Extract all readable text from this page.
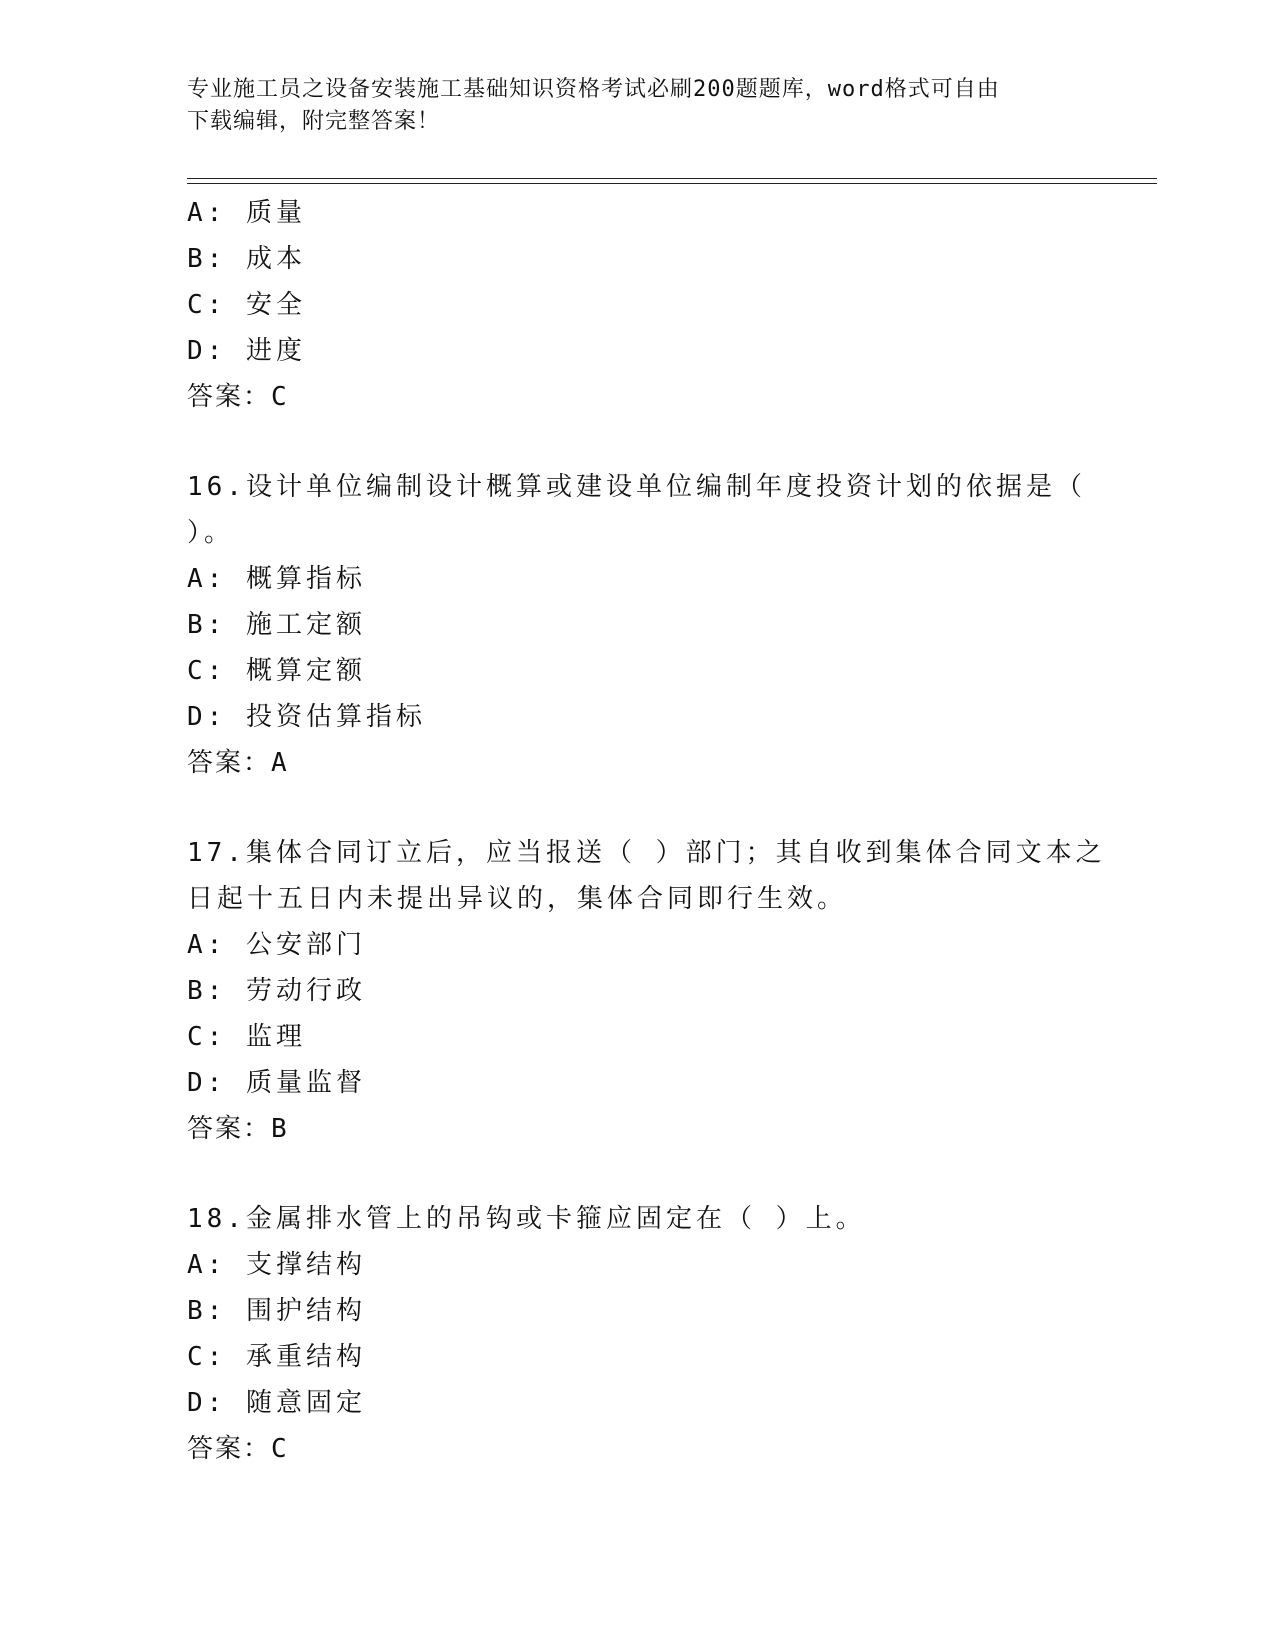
专业施工员之设备安装施工基础知识资格考试必刷200题题库，word格式可自由
下载编辑，附完整答案！
A: 质量
B: 成本
C: 安全
D: 进度
答案：C
16.设计单位编制设计概算或建设单位编制年度投资计划的依据是（
）。
A: 概算指标
B: 施工定额
C: 概算定额
D: 投资估算指标
答案：A
17.集体合同订立后，应当报送（ ）部门；其自收到集体合同文本之
日起十五日内未提出异议的，集体合同即行生效。
A: 公安部门
B: 劳动行政
C: 监理
D: 质量监督
答案：B
18.金属排水管上的吊钩或卡箍应固定在（ ）上。
A: 支撑结构
B: 围护结构
C: 承重结构
D: 随意固定
答案：C
